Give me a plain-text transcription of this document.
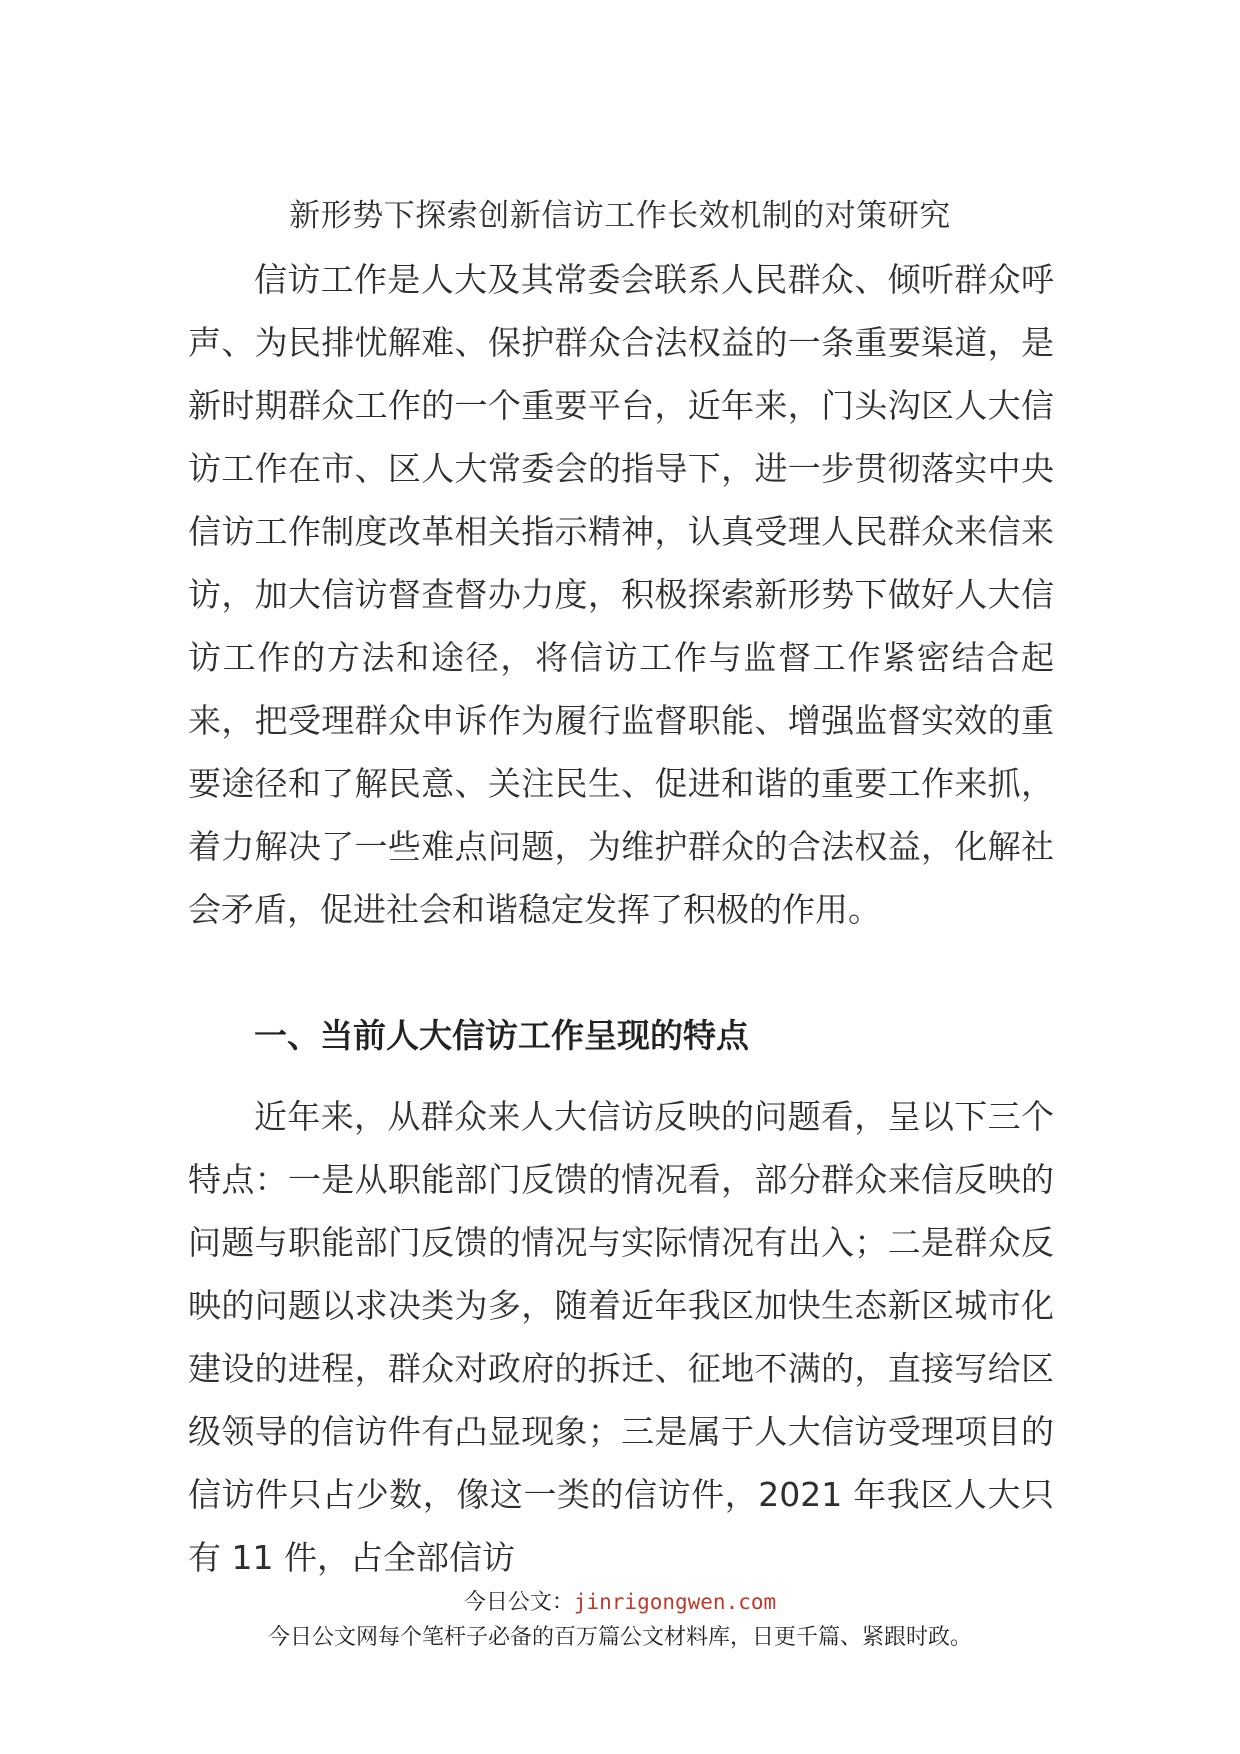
新形势下探索创新信访工作长效机制的对策研究

信访工作是人大及其常委会联系人民群众、倾听群众呼声、为民排忧解难、保护群众合法权益的一条重要渠道，是新时期群众工作的一个重要平台，近年来，门头沟区人大信访工作在市、区人大常委会的指导下，进一步贯彻落实中央信访工作制度改革相关指示精神，认真受理人民群众来信来访，加大信访督查督办力度，积极探索新形势下做好人大信访工作的方法和途径，将信访工作与监督工作紧密结合起来，把受理群众申诉作为履行监督职能、增强监督实效的重要途径和了解民意、关注民生、促进和谐的重要工作来抓，着力解决了一些难点问题，为维护群众的合法权益，化解社会矛盾，促进社会和谐稳定发挥了积极的作用。

一、当前人大信访工作呈现的特点

近年来，从群众来人大信访反映的问题看，呈以下三个特点：一是从职能部门反馈的情况看，部分群众来信反映的问题与职能部门反馈的情况与实际情况有出入；二是群众反映的问题以求决类为多，随着近年我区加快生态新区城市化建设的进程，群众对政府的拆迁、征地不满的，直接写给区级领导的信访件有凸显现象；三是属于人大信访受理项目的信访件只占少数，像这一类的信访件，2021 年我区人大只有 11 件，占全部信访

今日公文：jinrigongwen.com
今日公文网每个笔杆子必备的百万篇公文材料库，日更千篇、紧跟时政。
